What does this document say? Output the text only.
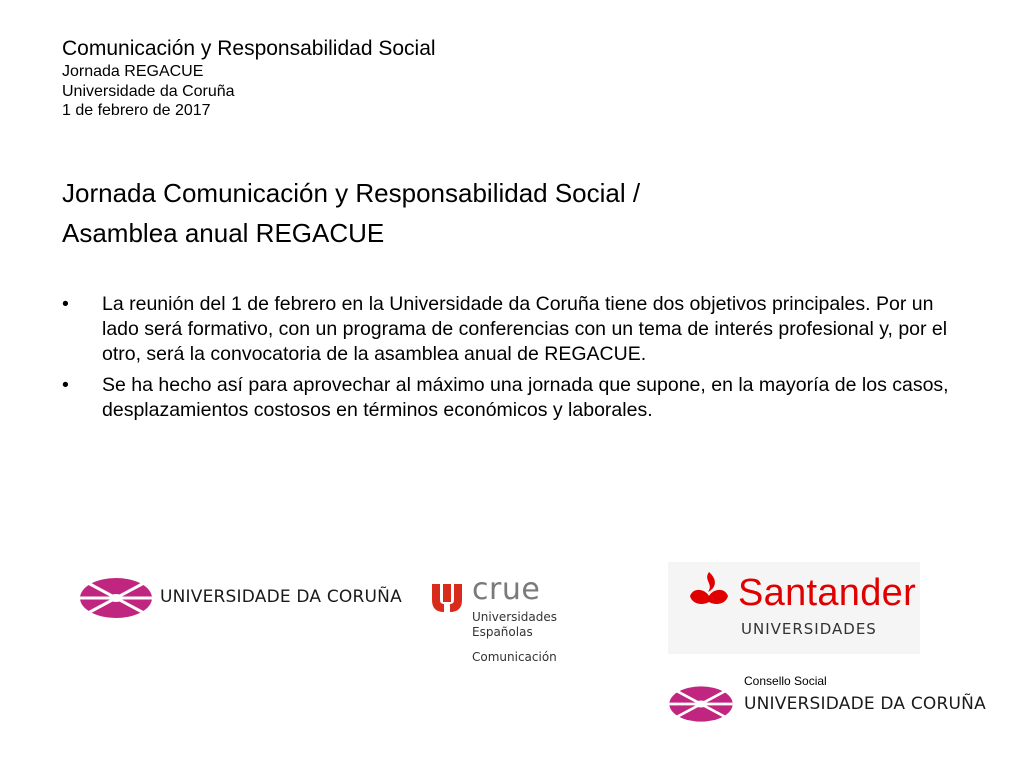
Comunicación y Responsabilidad Social
Jornada REGACUE
Universidade da Coruña
1 de febrero de 2017
Jornada Comunicación y Responsabilidad Social /
Asamblea anual REGACUE
• La reunión del 1 de febrero en la Universidade da Coruña tiene dos objetivos principales. Por un lado será formativo, con un programa de conferencias con un tema de interés profesional y, por el otro, será la convocatoria de la asamblea anual de REGACUE.
• Se ha hecho así para aprovechar al máximo una jornada que supone, en la mayoría de los casos, desplazamientos costosos en términos económicos y laborales.
UNIVERSIDADE DA CORUÑA crue
Universidades
Españolas
Comunicación
Santander
UNIVERSIDADES
Consello Social
UNIVERSIDADE DA CORUÑA
